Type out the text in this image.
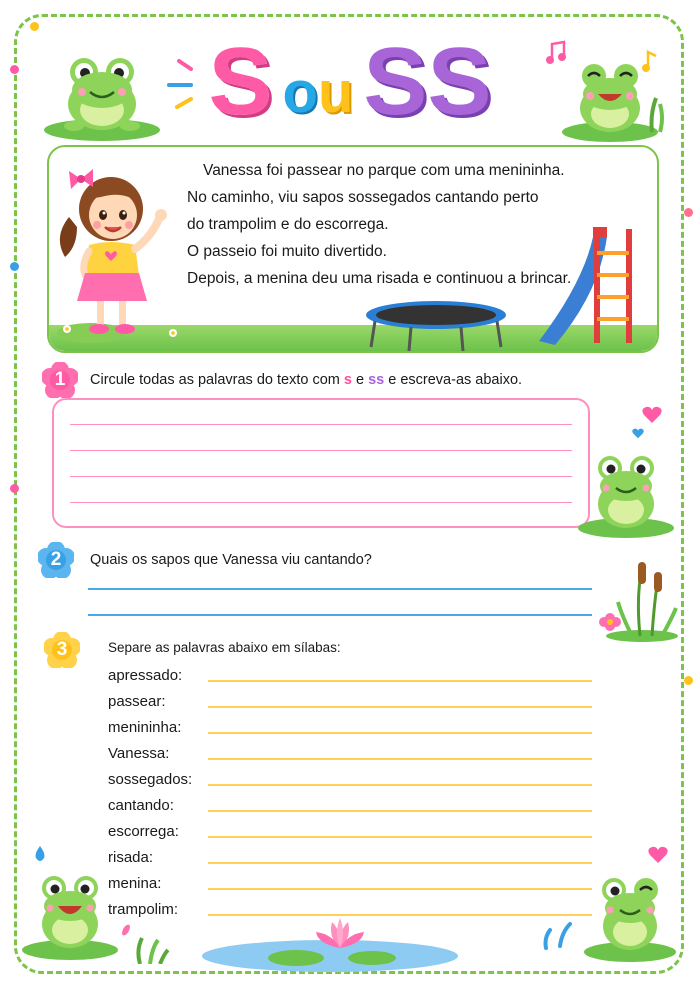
S o u SS
Vanessa foi passear no parque com uma menininha.
No caminho, viu sapos sossegados cantando perto
do trampolim e do escorrega.
O passeio foi muito divertido.
Depois, a menina deu uma risada e continuou a brincar.
1	Circule todas as palavras do texto com s e ss e escreva-as abaixo.
2	Quais os sapos que Vanessa viu cantando?
3	Separe as palavras abaixo em sílabas:
apressado:
passear:
menininha:
Vanessa:
sossegados:
cantando:
escorrega:
risada:
menina:
trampolim:
